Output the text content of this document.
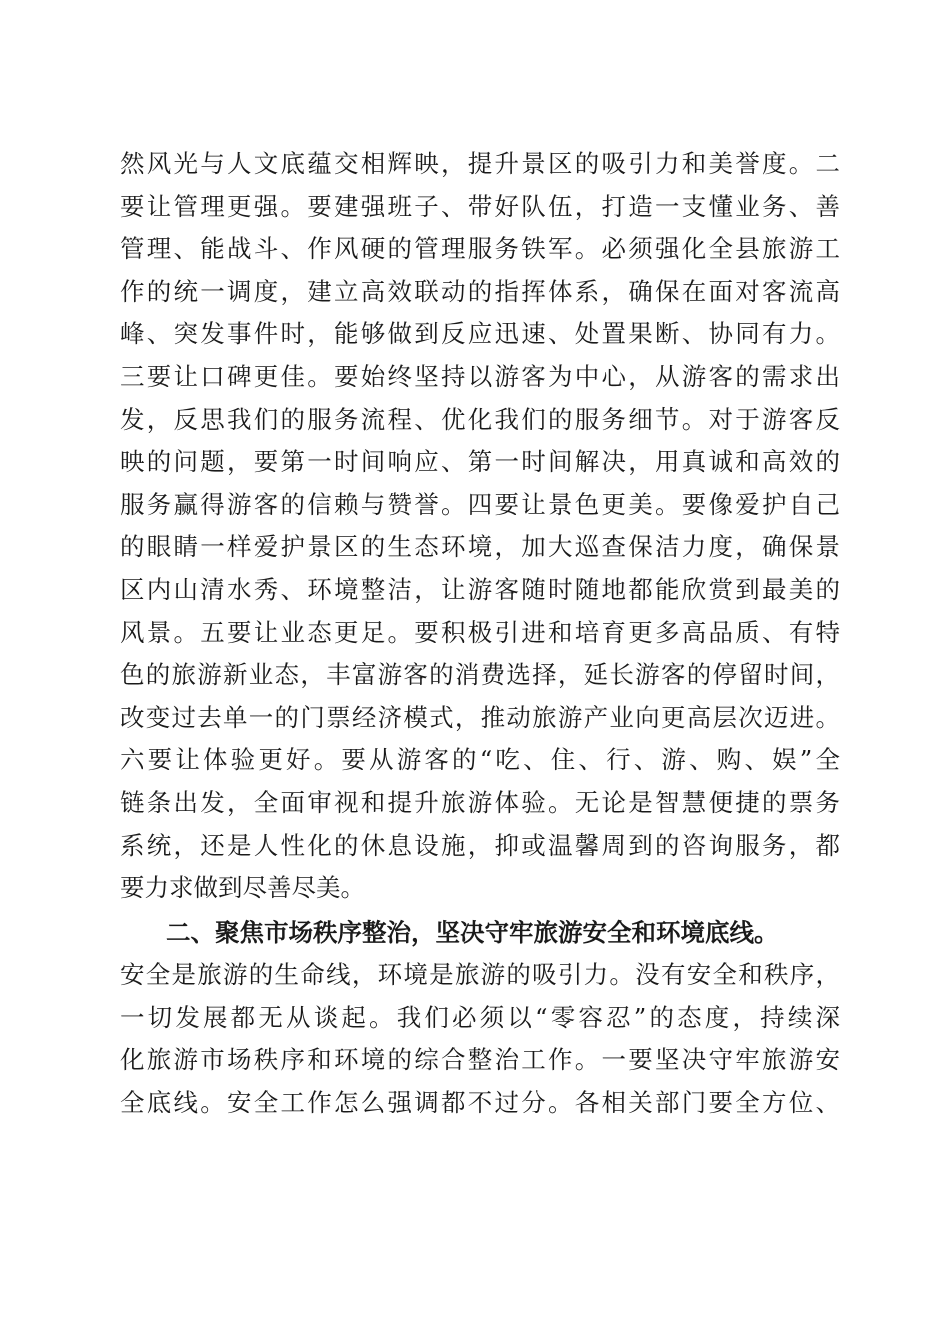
然风光与人文底蕴交相辉映，提升景区的吸引力和美誉度。二
要让管理更强。要建强班子、带好队伍，打造一支懂业务、善
管理、能战斗、作风硬的管理服务铁军。必须强化全县旅游工
作的统一调度，建立高效联动的指挥体系，确保在面对客流高
峰、突发事件时，能够做到反应迅速、处置果断、协同有力。
三要让口碑更佳。要始终坚持以游客为中心，从游客的需求出
发，反思我们的服务流程、优化我们的服务细节。对于游客反
映的问题，要第一时间响应、第一时间解决，用真诚和高效的
服务赢得游客的信赖与赞誉。四要让景色更美。要像爱护自己
的眼睛一样爱护景区的生态环境，加大巡查保洁力度，确保景
区内山清水秀、环境整洁，让游客随时随地都能欣赏到最美的
风景。五要让业态更足。要积极引进和培育更多高品质、有特
色的旅游新业态，丰富游客的消费选择，延长游客的停留时间，
改变过去单一的门票经济模式，推动旅游产业向更高层次迈进。
六要让体验更好。要从游客的“吃、住、行、游、购、娱”全
链条出发，全面审视和提升旅游体验。无论是智慧便捷的票务
系统，还是人性化的休息设施，抑或温馨周到的咨询服务，都
要力求做到尽善尽美。
二、聚焦市场秩序整治，坚决守牢旅游安全和环境底线。
安全是旅游的生命线，环境是旅游的吸引力。没有安全和秩序，
一切发展都无从谈起。我们必须以“零容忍”的态度，持续深
化旅游市场秩序和环境的综合整治工作。一要坚决守牢旅游安
全底线。安全工作怎么强调都不过分。各相关部门要全方位、
